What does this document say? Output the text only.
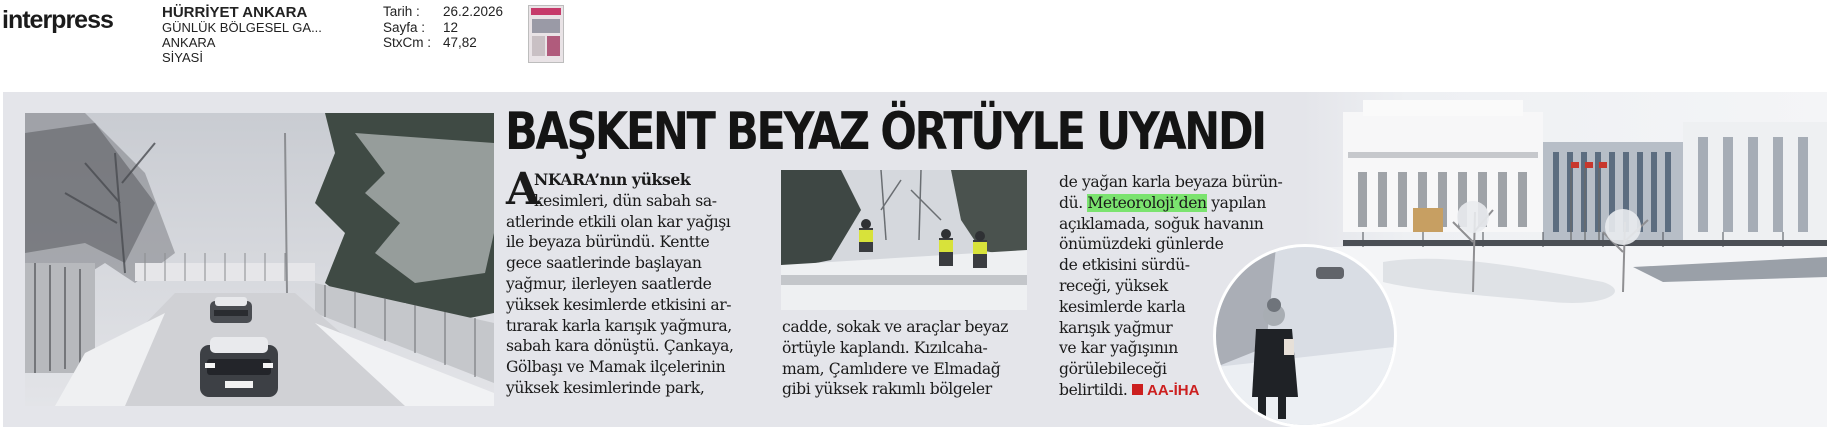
interpress	HÜRRİYET ANKARA
GÜNLÜK BÖLGESEL GA...
ANKARA
SİYASİ
Tarih :	26.2.2026
Sayfa :	12
StxCm : 47,82
BAŞKENT BEYAZ ÖRTÜYLE UYANDI
A
NKARA’nın yüksek
kesimleri, dün sabah sa-
atlerinde etkili olan kar yağışı
ile beyaza büründü. Kentte
gece saatlerinde başlayan
yağmur, ilerleyen saatlerde
yüksek kesimlerde etkisini ar-
tırarak karla karışık yağmura,
sabah kara dönüştü. Çankaya,
Gölbaşı ve Mamak ilçelerinin
yüksek kesimlerinde park,
cadde, sokak ve araçlar beyaz
örtüyle kaplandı. Kızılcaha-
mam, Çamlıdere ve Elmadağ
gibi yüksek rakımlı bölgeler
de yağan karla beyaza bürün-
dü. Meteoroloji’den yapılan
açıklamada, soğuk havanın
önümüzdeki günlerde
de etkisini sürdü-
receği, yüksek
kesimlerde karla
karışık yağmur
ve kar yağışının
görülebileceği
belirtildi. AA-İHA
